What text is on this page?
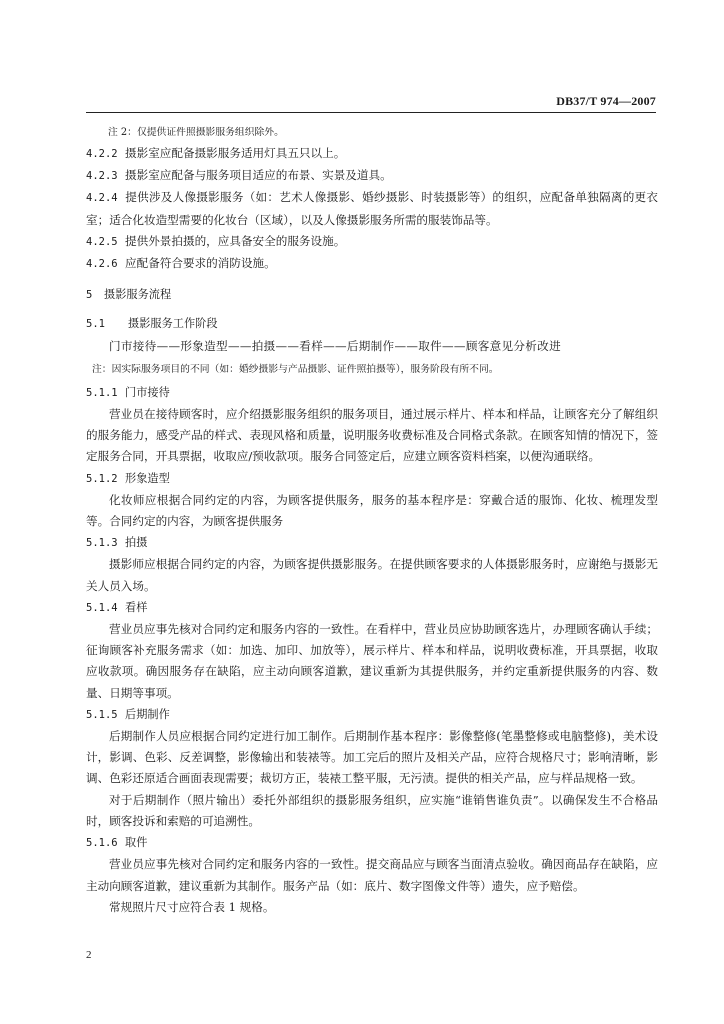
DB37/T 974—2007
注 2：仅提供证件照摄影服务组织除外。

4.2.2 摄影室应配备摄影服务适用灯具五只以上。

4.2.3 摄影室应配备与服务项目适应的布景、实景及道具。

4.2.4 提供涉及人像摄影服务（如：艺术人像摄影、婚纱摄影、时装摄影等）的组织，应配备单独隔离的更衣室；适合化妆造型需要的化妆台（区域），以及人像摄影服务所需的服装饰品等。

4.2.5 提供外景拍摄的，应具备安全的服务设施。

4.2.6 应配备符合要求的消防设施。

5 摄影服务流程
5.1 摄影服务工作阶段

门市接待——形象造型——拍摄——看样——后期制作——取件——顾客意见分析改进

注：因实际服务项目的不同（如：婚纱摄影与产品摄影、证件照拍摄等），服务阶段有所不同。
5.1.1 门市接待

营业员在接待顾客时，应介绍摄影服务组织的服务项目，通过展示样片、样本和样品，让顾客充分了解组织的服务能力，感受产品的样式、表现风格和质量，说明服务收费标准及合同格式条款。在顾客知情的情况下，签定服务合同，开具票据，收取应/预收款项。服务合同签定后，应建立顾客资料档案，以便沟通联络。

5.1.2 形象造型

化妆师应根据合同约定的内容，为顾客提供服务，服务的基本程序是：穿戴合适的服饰、化妆、梳理发型等。合同约定的内容，为顾客提供服务

5.1.3 拍摄

摄影师应根据合同约定的内容，为顾客提供摄影服务。在提供顾客要求的人体摄影服务时，应谢绝与摄影无关人员入场。

5.1.4 看样

营业员应事先核对合同约定和服务内容的一致性。在看样中，营业员应协助顾客选片，办理顾客确认手续；征询顾客补充服务需求（如：加选、加印、加放等），展示样片、样本和样品，说明收费标准，开具票据，收取应收款项。确因服务存在缺陷，应主动向顾客道歉，建议重新为其提供服务，并约定重新提供服务的内容、数量、日期等事项。

5.1.5 后期制作

后期制作人员应根据合同约定进行加工制作。后期制作基本程序：影像整修(笔墨整修或电脑整修)，美术设计，影调、色彩、反差调整，影像输出和装裱等。加工完后的照片及相关产品，应符合规格尺寸；影响清晰，影调、色彩还原适合画面表现需要；裁切方正，装裱工整平服，无污渍。提供的相关产品，应与样品规格一致。

对于后期制作（照片输出）委托外部组织的摄影服务组织，应实施“谁销售谁负责”。以确保发生不合格品时，顾客投诉和索赔的可追溯性。

5.1.6 取件

营业员应事先核对合同约定和服务内容的一致性。提交商品应与顾客当面清点验收。确因商品存在缺陷，应主动向顾客道歉，建议重新为其制作。服务产品（如：底片、数字图像文件等）遗失，应予赔偿。

常规照片尺寸应符合表 1 规格。

2
